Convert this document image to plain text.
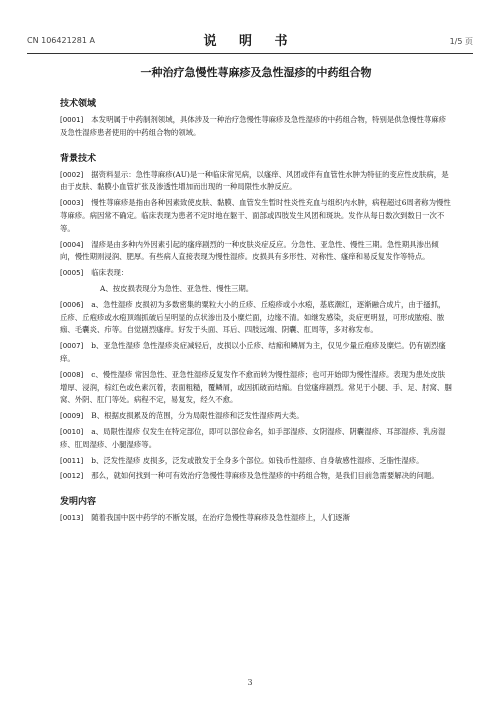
CN 106421281 A	说 明 书	1/5 页
一种治疗急慢性荨麻疹及急性湿疹的中药组合物
技术领域

[0001] 本发明属于中药制剂领域，具体涉及一种治疗急慢性荨麻疹及急性湿疹的中药组合物，特别是供急慢性荨麻疹及急性湿疹患者使用的中药组合物的领域。

背景技术

[0002] 据资料显示：急性荨麻疹(AU)是一种临床常见病，以瘙痒、风团或伴有血管性水肿为特征的变应性皮肤病，是由于皮肤、黏膜小血管扩张及渗透性增加而出现的一种局限性水肿反应。

[0003] 慢性荨麻疹是指由各种因素致使皮肤、黏膜、血管发生暂时性炎性充血与组织内水肿，病程超过6周者称为慢性荨麻疹。病因常不确定。临床表现为患者不定时地在躯干、面部或四肢发生风团和斑块。发作从每日数次到数日一次不等。

[0004] 湿疹是由多种内外因素引起的瘙痒剧烈的一种皮肤炎症反应。分急性、亚急性、慢性三期。急性期具渗出倾向，慢性期则浸润、肥厚。有些病人直接表现为慢性湿疹。皮损具有多形性、对称性、瘙痒和易反复发作等特点。

[0005] 临床表现：

A、按皮损表现分为急性、亚急性、慢性三期。

[0006] a、急性湿疹 皮损初为多数密集的粟粒大小的丘疹、丘疱疹或小水疱，基底潮红，逐渐融合成片，由于搔抓，丘疹、丘疱疹或水疱顶端抓破后呈明显的点状渗出及小糜烂面，边缘不清。如继发感染，炎症更明显，可形成脓疱、脓痂、毛囊炎、疖等。自觉剧烈瘙痒。好发于头面、耳后、四肢远端、阴囊、肛周等，多对称发布。

[0007] b、亚急性湿疹 急性湿疹炎症减轻后，皮损以小丘疹、结痂和鳞屑为主，仅见少量丘疱疹及糜烂。仍有剧烈瘙痒。

[0008] c、慢性湿疹 常因急性、亚急性湿疹反复发作不愈而转为慢性湿疹；也可开始即为慢性湿疹。表现为患处皮肤增厚、浸润，棕红色或色素沉着，表面粗糙，覆鳞屑，或因抓破而结痂。自觉瘙痒剧烈。常见于小腿、手、足、肘窝、腘窝、外阴、肛门等处。病程不定，易复发，经久不愈。

[0009] B、根据皮损累及的范围，分为局限性湿疹和泛发性湿疹两大类。

[0010] a、局限性湿疹 仅发生在特定部位，即可以部位命名，如手部湿疹、女阴湿疹、阴囊湿疹、耳部湿疹、乳房湿疹、肛周湿疹、小腿湿疹等。

[0011] b、泛发性湿疹 皮损多，泛发或散发于全身多个部位。如钱币性湿疹、自身敏感性湿疹、乏脂性湿疹。

[0012] 那么，就如何找到一种可有效治疗急慢性荨麻疹及急性湿疹的中药组合物，是我们目前急需要解决的问题。

发明内容

[0013] 随着我国中医中药学的不断发展，在治疗急慢性荨麻疹及急性湿疹上，人们逐渐

3
